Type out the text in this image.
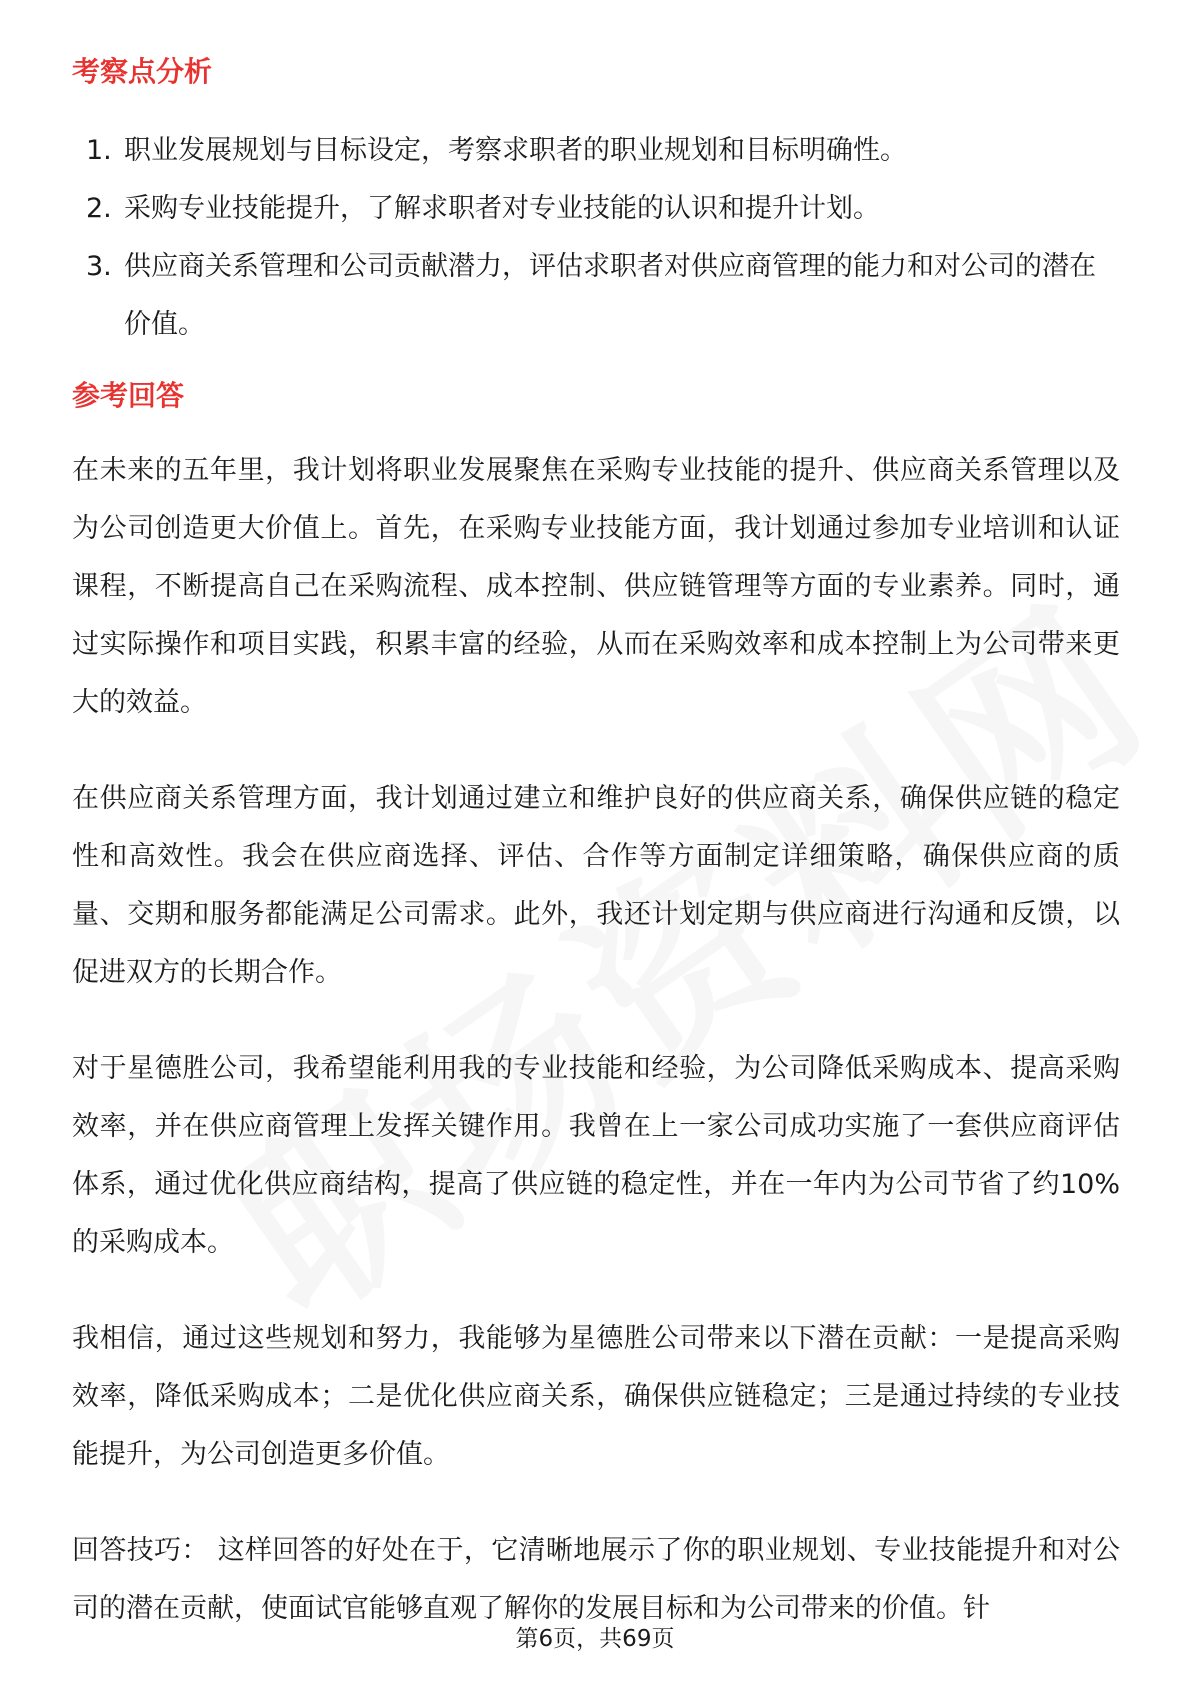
考察点分析
1. 职业发展规划与目标设定，考察求职者的职业规划和目标明确性。
2. 采购专业技能提升，了解求职者对专业技能的认识和提升计划。
3. 供应商关系管理和公司贡献潜力，评估求职者对供应商管理的能力和对公司的潜在价值。
参考回答

在未来的五年里，我计划将职业发展聚焦在采购专业技能的提升、供应商关系管理以及为公司创造更大价值上。首先，在采购专业技能方面，我计划通过参加专业培训和认证课程，不断提高自己在采购流程、成本控制、供应链管理等方面的专业素养。同时，通过实际操作和项目实践，积累丰富的经验，从而在采购效率和成本控制上为公司带来更大的效益。

在供应商关系管理方面，我计划通过建立和维护良好的供应商关系，确保供应链的稳定性和高效性。我会在供应商选择、评估、合作等方面制定详细策略，确保供应商的质量、交期和服务都能满足公司需求。此外，我还计划定期与供应商进行沟通和反馈，以促进双方的长期合作。

对于星德胜公司，我希望能利用我的专业技能和经验，为公司降低采购成本、提高采购效率，并在供应商管理上发挥关键作用。我曾在上一家公司成功实施了一套供应商评估体系，通过优化供应商结构，提高了供应链的稳定性，并在一年内为公司节省了约10%的采购成本。

我相信，通过这些规划和努力，我能够为星德胜公司带来以下潜在贡献：一是提高采购效率，降低采购成本；二是优化供应商关系，确保供应链稳定；三是通过持续的专业技能提升，为公司创造更多价值。

回答技巧： 这样回答的好处在于，它清晰地展示了你的职业规划、专业技能提升和对公司的潜在贡献，使面试官能够直观了解你的发展目标和为公司带来的价值。针

第6页，共69页
